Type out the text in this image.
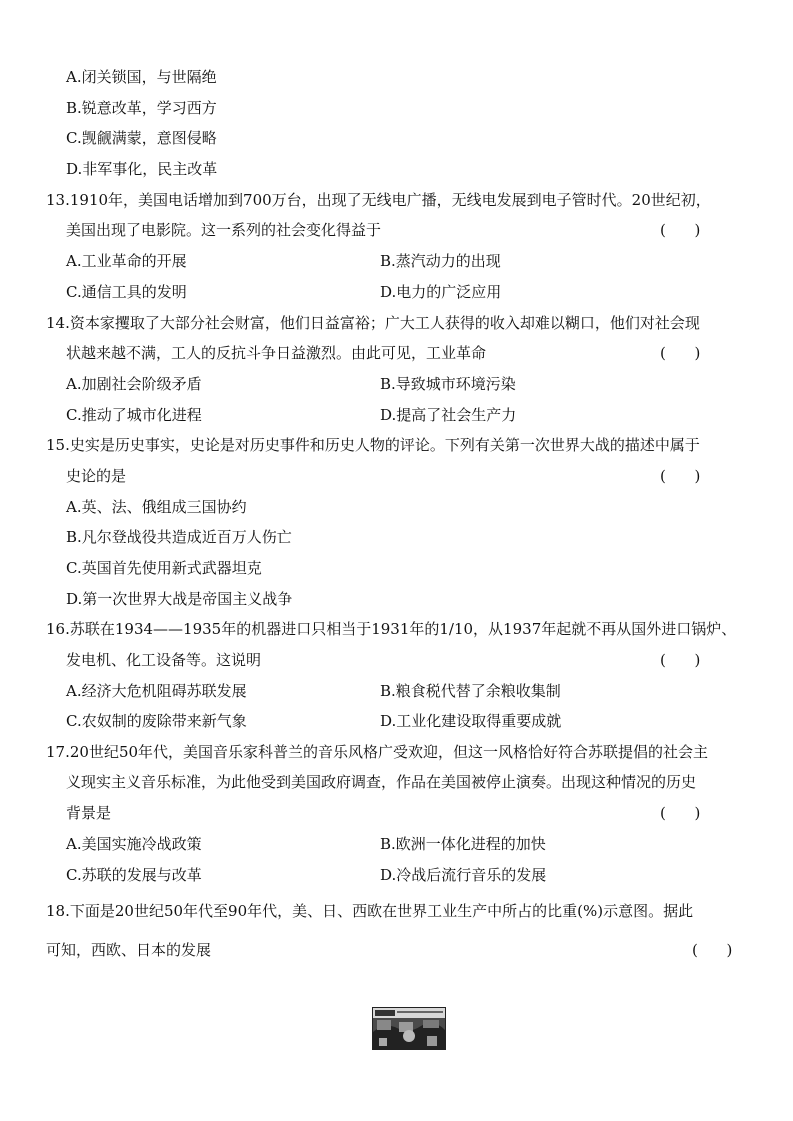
A.闭关锁国，与世隔绝
B.锐意改革，学习西方
C.觊觎满蒙，意图侵略
D.非军事化，民主改革
13.1910年，美国电话增加到700万台，出现了无线电广播，无线电发展到电子管时代。20世纪初，
美国出现了电影院。这一系列的社会变化得益于	(      )
A.工业革命的开展	B.蒸汽动力的出现
C.通信工具的发明	D.电力的广泛应用
14.资本家攫取了大部分社会财富，他们日益富裕；广大工人获得的收入却难以糊口，他们对社会现
状越来越不满，工人的反抗斗争日益激烈。由此可见，工业革命	(      )
A.加剧社会阶级矛盾	B.导致城市环境污染
C.推动了城市化进程	D.提高了社会生产力
15.史实是历史事实，史论是对历史事件和历史人物的评论。下列有关第一次世界大战的描述中属于
史论的是	(      )
A.英、法、俄组成三国协约
B.凡尔登战役共造成近百万人伤亡
C.英国首先使用新式武器坦克
D.第一次世界大战是帝国主义战争
16.苏联在1934——1935年的机器进口只相当于1931年的1/10，从1937年起就不再从国外进口锅炉、
发电机、化工设备等。这说明	(      )
A.经济大危机阻碍苏联发展	B.粮食税代替了余粮收集制
C.农奴制的废除带来新气象	D.工业化建设取得重要成就
17.20世纪50年代，美国音乐家科普兰的音乐风格广受欢迎，但这一风格恰好符合苏联提倡的社会主
义现实主义音乐标准，为此他受到美国政府调查，作品在美国被停止演奏。出现这种情况的历史
背景是	(      )
A.美国实施冷战政策	B.欧洲一体化进程的加快
C.苏联的发展与改革	D.冷战后流行音乐的发展
18.下面是20世纪50年代至90年代，美、日、西欧在世界工业生产中所占的比重(%)示意图。据此
可知，西欧、日本的发展	(      )
